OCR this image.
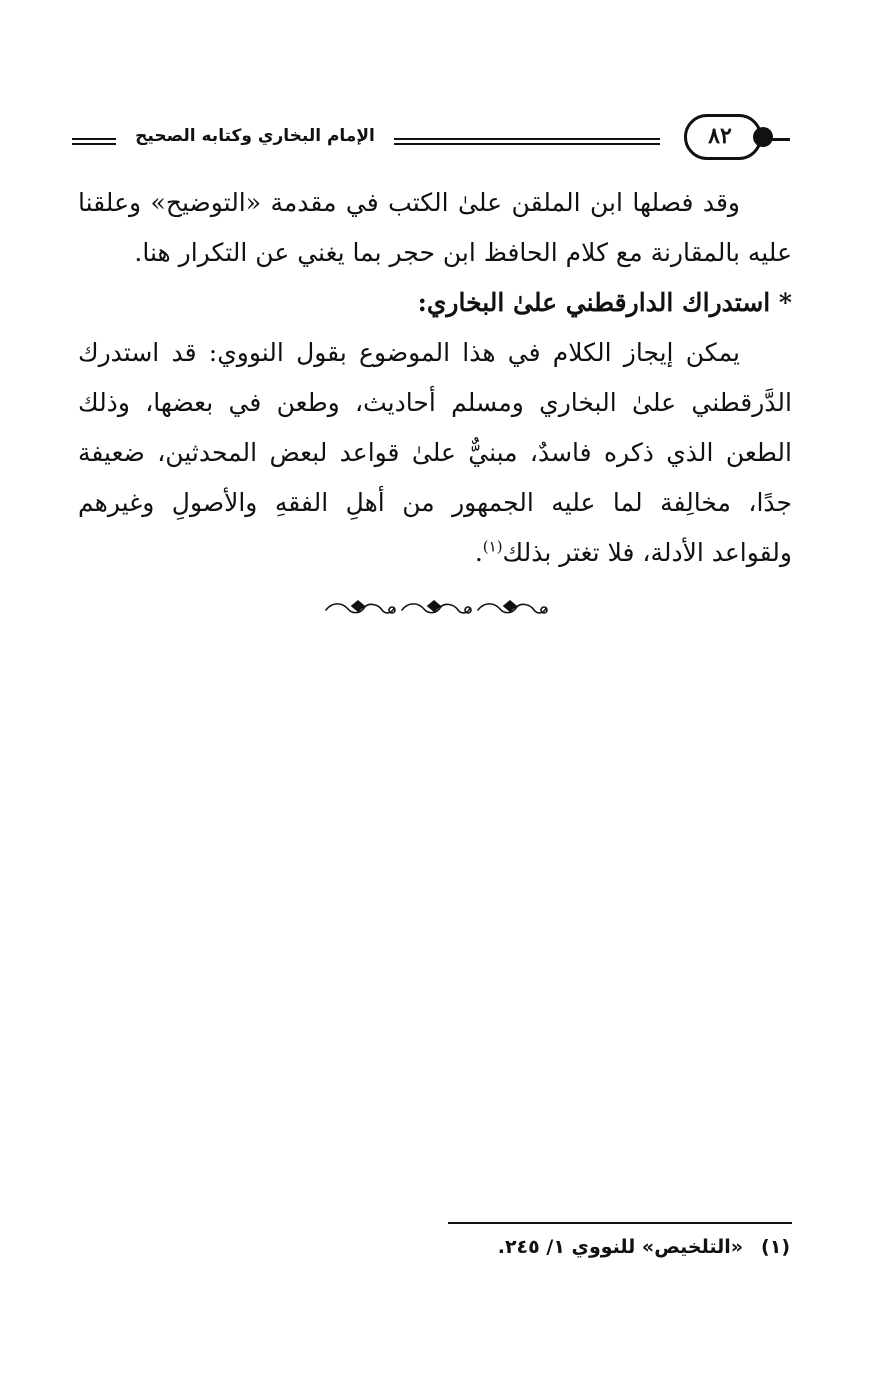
الإمام البخاري وكتابه الصحيح	٨٢

وقد فصلها ابن الملقن علىٰ الكتب في مقدمة «التوضيح» وعلقنا عليه بالمقارنة مع كلام الحافظ ابن حجر بما يغني عن التكرار هنا.

* استدراك الدارقطني علىٰ البخاري:

يمكن إيجاز الكلام في هذا الموضوع بقول النووي: قد استدرك الدَّرقطني علىٰ البخاري ومسلم أحاديث، وطعن في بعضها، وذلك الطعن الذي ذكره فاسدٌ، مبنيٌّ علىٰ قواعد لبعض المحدثين، ضعيفة جدًا، مخالِفة لما عليه الجمهور من أهلِ الفقهِ والأصولِ وغيرهم ولقواعد الأدلة، فلا تغتر بذلك$^{(١)}$.

(١)«التلخيص» للنووي ١/ ٢٤٥.
